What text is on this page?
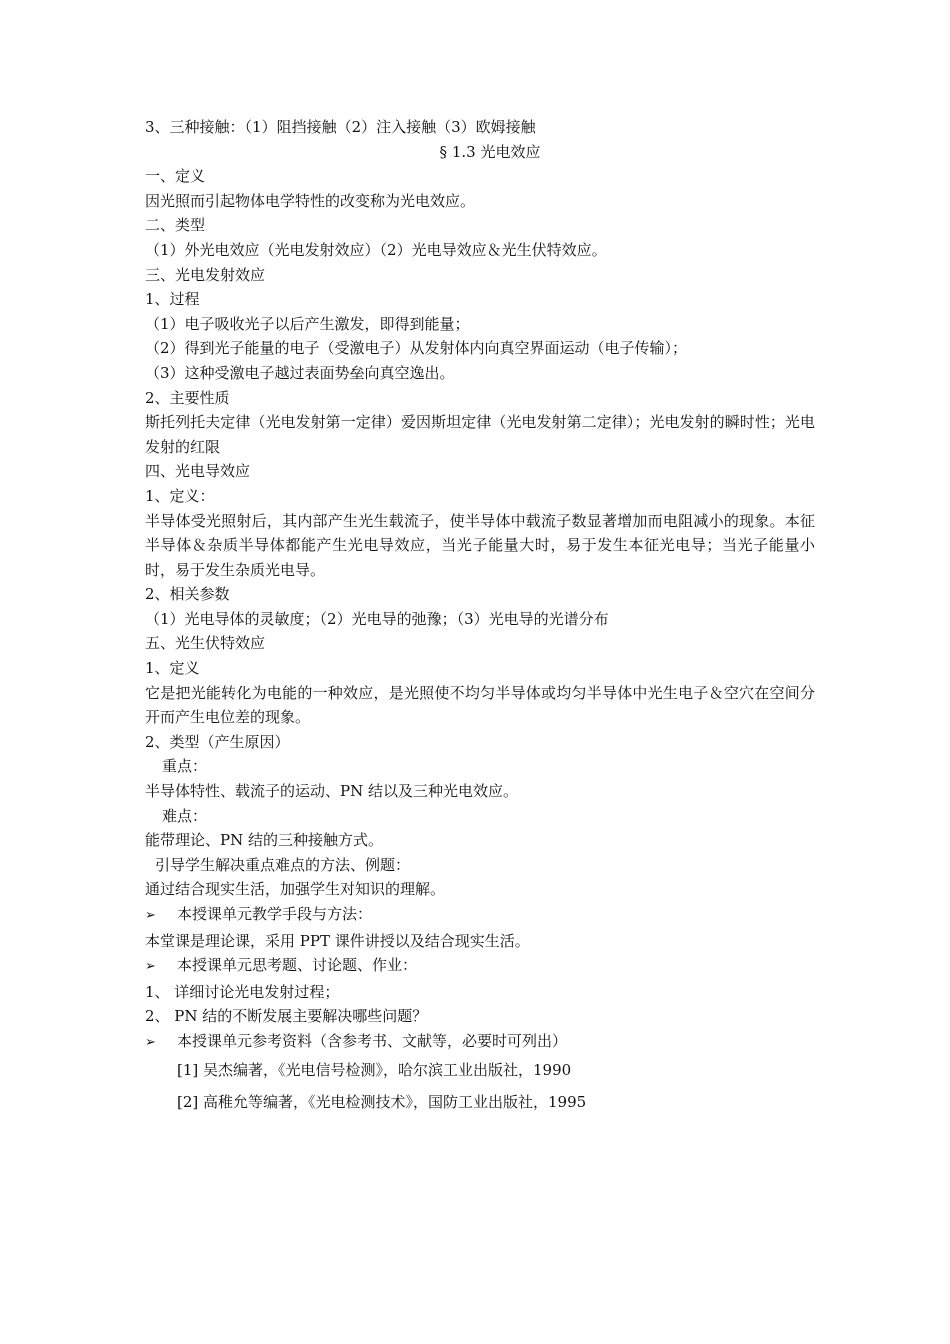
3、三种接触：（1）阻挡接触（2）注入接触（3）欧姆接触
§ 1.3 光电效应
一、定义
因光照而引起物体电学特性的改变称为光电效应。
二、类型
（1）外光电效应（光电发射效应）（2）光电导效应＆光生伏特效应。
三、光电发射效应
1、过程
（1）电子吸收光子以后产生激发，即得到能量；
（2）得到光子能量的电子（受激电子）从发射体内向真空界面运动（电子传输）；
（3）这种受激电子越过表面势垒向真空逸出。
2、主要性质
斯托列托夫定律（光电发射第一定律）爱因斯坦定律（光电发射第二定律）；光电发射的瞬时性；光电发射的红限
四、光电导效应
1、定义：
半导体受光照射后，其内部产生光生载流子，使半导体中载流子数显著增加而电阻减小的现象。本征半导体＆杂质半导体都能产生光电导效应，当光子能量大时，易于发生本征光电导；当光子能量小时，易于发生杂质光电导。
2、相关参数
（1）光电导体的灵敏度；（2）光电导的弛豫；（3）光电导的光谱分布
五、光生伏特效应
1、定义
它是把光能转化为电能的一种效应，是光照使不均匀半导体或均匀半导体中光生电子＆空穴在空间分开而产生电位差的现象。
2、类型（产生原因）
重点：
半导体特性、载流子的运动、PN 结以及三种光电效应。
难点：
能带理论、PN 结的三种接触方式。
引导学生解决重点难点的方法、例题：
通过结合现实生活，加强学生对知识的理解。
➢ 本授课单元教学手段与方法：
本堂课是理论课，采用 PPT 课件讲授以及结合现实生活。
➢ 本授课单元思考题、讨论题、作业：
1、 详细讨论光电发射过程；
2、 PN 结的不断发展主要解决哪些问题？
➢ 本授课单元参考资料（含参考书、文献等，必要时可列出）
[1] 吴杰编著，《光电信号检测》，哈尔滨工业出版社，1990
[2] 高稚允等编著，《光电检测技术》，国防工业出版社，1995
